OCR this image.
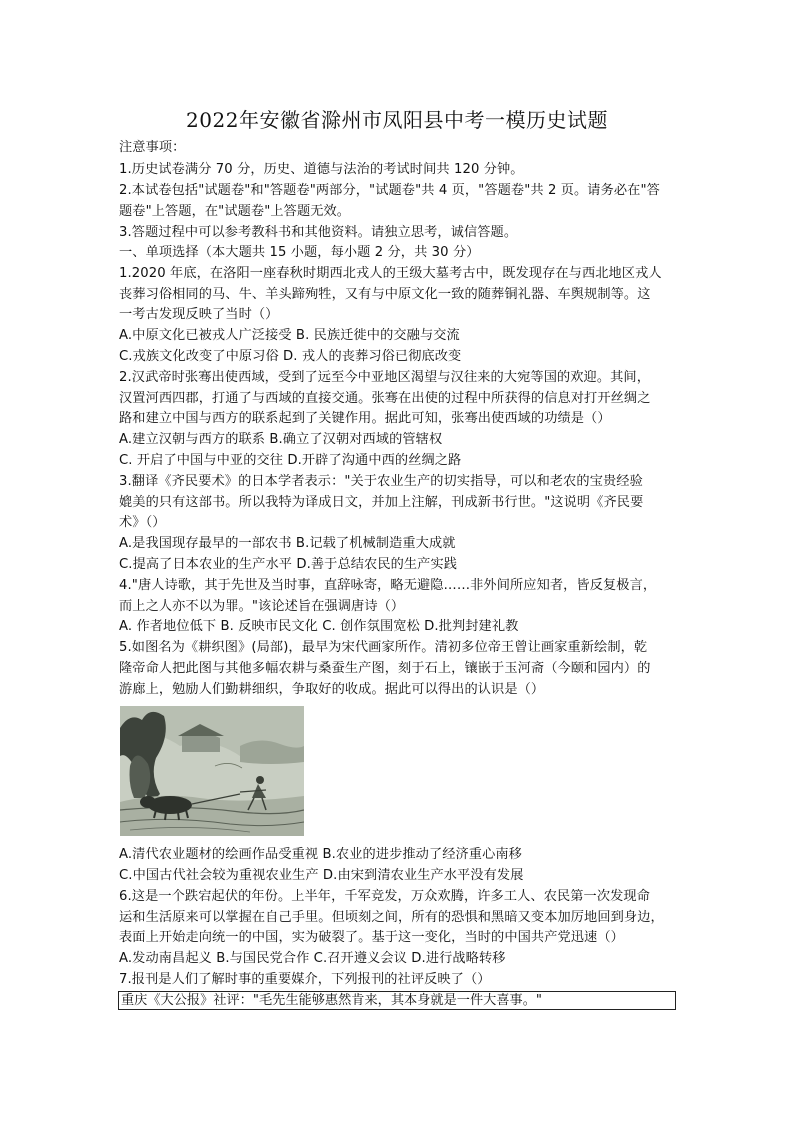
2022年安徽省滁州市凤阳县中考一模历史试题
注意事项：
1.历史试卷满分 70 分，历史、道德与法治的考试时间共 120 分钟。
2.本试卷包括"试题卷"和"答题卷"两部分，"试题卷"共 4 页，"答题卷"共 2 页。请务必在"答
题卷"上答题，在"试题卷"上答题无效。
3.答题过程中可以参考教科书和其他资料。请独立思考，诚信答题。
一、单项选择（本大题共 15 小题，每小题 2 分，共 30 分）
1.2020 年底，在洛阳一座春秋时期西北戎人的王级大墓考古中，既发现存在与西北地区戎人
丧葬习俗相同的马、牛、羊头蹄殉牲，又有与中原文化一致的随葬铜礼器、车舆规制等。这
一考古发现反映了当时（）
A.中原文化已被戎人广泛接受 B. 民族迁徙中的交融与交流
C.戎族文化改变了中原习俗 D. 戎人的丧葬习俗已彻底改变
2.汉武帝时张骞出使西域，受到了远至今中亚地区渴望与汉往来的大宛等国的欢迎。其间，
汉置河西四郡，打通了与西域的直接交通。张骞在出使的过程中所获得的信息对打开丝绸之
路和建立中国与西方的联系起到了关键作用。据此可知，张骞出使西域的功绩是（）
A.建立汉朝与西方的联系 B.确立了汉朝对西域的管辖权
C. 开启了中国与中亚的交往 D.开辟了沟通中西的丝绸之路
3.翻译《齐民要术》的日本学者表示："关于农业生产的切实指导，可以和老农的宝贵经验
媲美的只有这部书。所以我特为译成日文，并加上注解，刊成新书行世。"这说明《齐民要
术》（）
A.是我国现存最早的一部农书 B.记载了机械制造重大成就
C.提高了日本农业的生产水平 D.善于总结农民的生产实践
4."唐人诗歌，其于先世及当时事，直辞咏寄，略无避隐……非外间所应知者，皆反复极言，
而上之人亦不以为罪。"该论述旨在强调唐诗（）
A. 作者地位低下 B. 反映市民文化 C. 创作氛围宽松 D.批判封建礼教
5.如图名为《耕织图》(局部)，最早为宋代画家所作。清初多位帝王曾让画家重新绘制，乾
隆帝命人把此图与其他多幅农耕与桑蚕生产图，刻于石上，镶嵌于玉河斋（今颐和园内）的
游廊上，勉励人们勤耕细织，争取好的收成。据此可以得出的认识是（）
A.清代农业题材的绘画作品受重视 B.农业的进步推动了经济重心南移
C.中国古代社会较为重视农业生产 D.由宋到清农业生产水平没有发展
6.这是一个跌宕起伏的年份。上半年，千军竞发，万众欢腾，许多工人、农民第一次发现命
运和生活原来可以掌握在自己手里。但顷刻之间，所有的恐惧和黑暗又变本加厉地回到身边，
表面上开始走向统一的中国，实为破裂了。基于这一变化，当时的中国共产党迅速（）
A.发动南昌起义 B.与国民党合作 C.召开遵义会议 D.进行战略转移
7.报刊是人们了解时事的重要媒介，下列报刊的社评反映了（）
重庆《大公报》社评："毛先生能够惠然肯来，其本身就是一件大喜事。"
